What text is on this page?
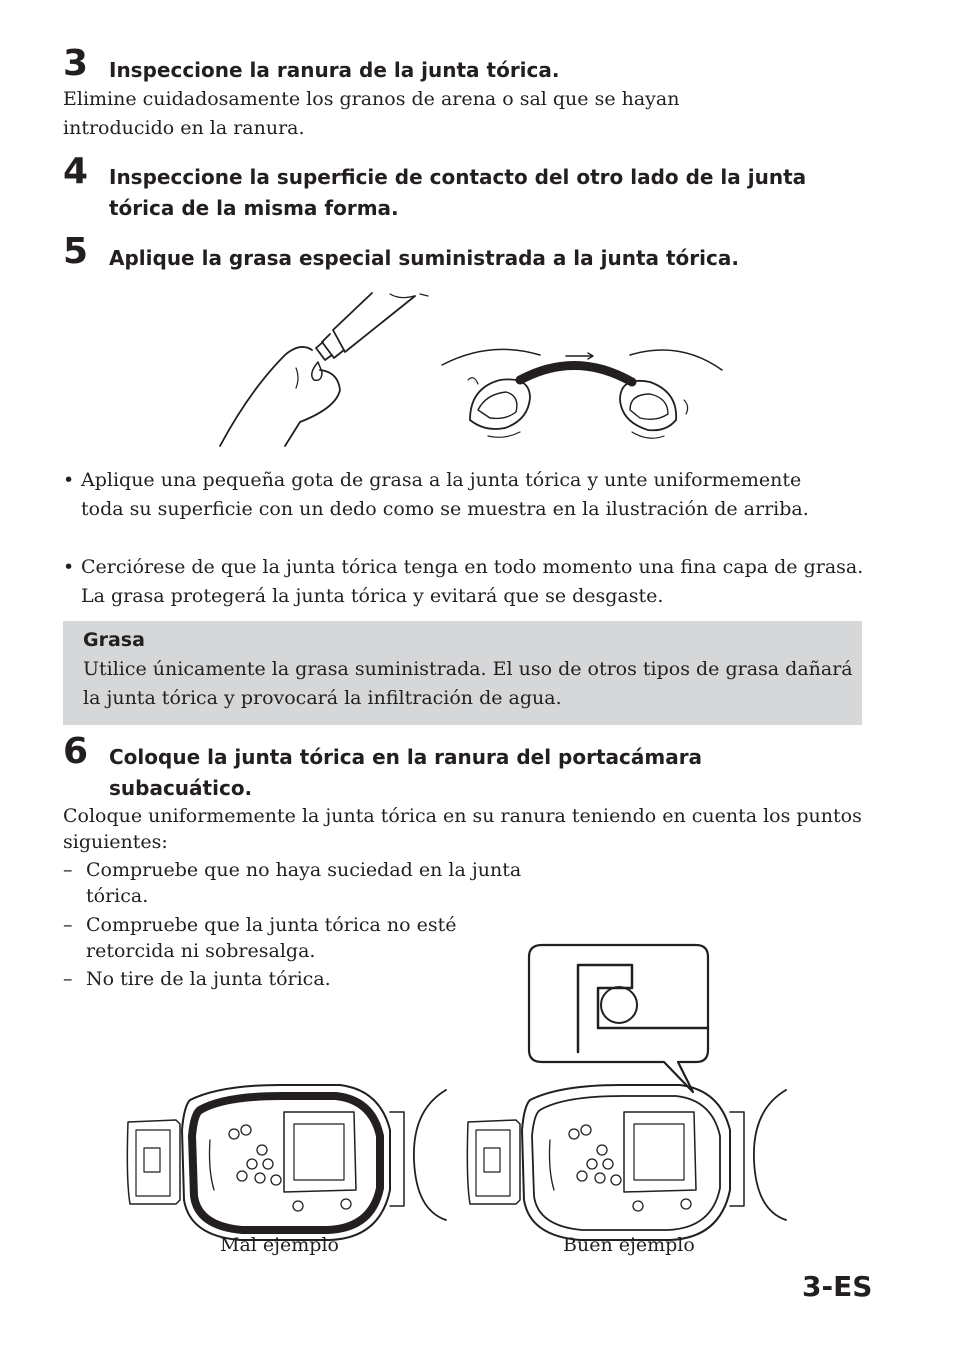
3 Inspeccione la ranura de la junta tórica.
Elimine cuidadosamente los granos de arena o sal que se hayan introducido en la ranura.
4 Inspeccione la superficie de contacto del otro lado de la junta tórica de la misma forma.
5 Aplique la grasa especial suministrada a la junta tórica.
• Aplique una pequeña gota de grasa a la junta tórica y unte uniformemente toda su superficie con un dedo como se muestra en la ilustración de arriba.
• Cerciórese de que la junta tórica tenga en todo momento una fina capa de grasa. La grasa protegerá la junta tórica y evitará que se desgaste.
Grasa
Utilice únicamente la grasa suministrada. El uso de otros tipos de grasa dañará la junta tórica y provocará la infiltración de agua.
6 Coloque la junta tórica en la ranura del portacámara subacuático.
Coloque uniformemente la junta tórica en su ranura teniendo en cuenta los puntos siguientes:
– Compruebe que no haya suciedad en la junta tórica.
– Compruebe que la junta tórica no esté retorcida ni sobresalga.
– No tire de la junta tórica.
Mal ejemplo	Buen ejemplo
3-ES
